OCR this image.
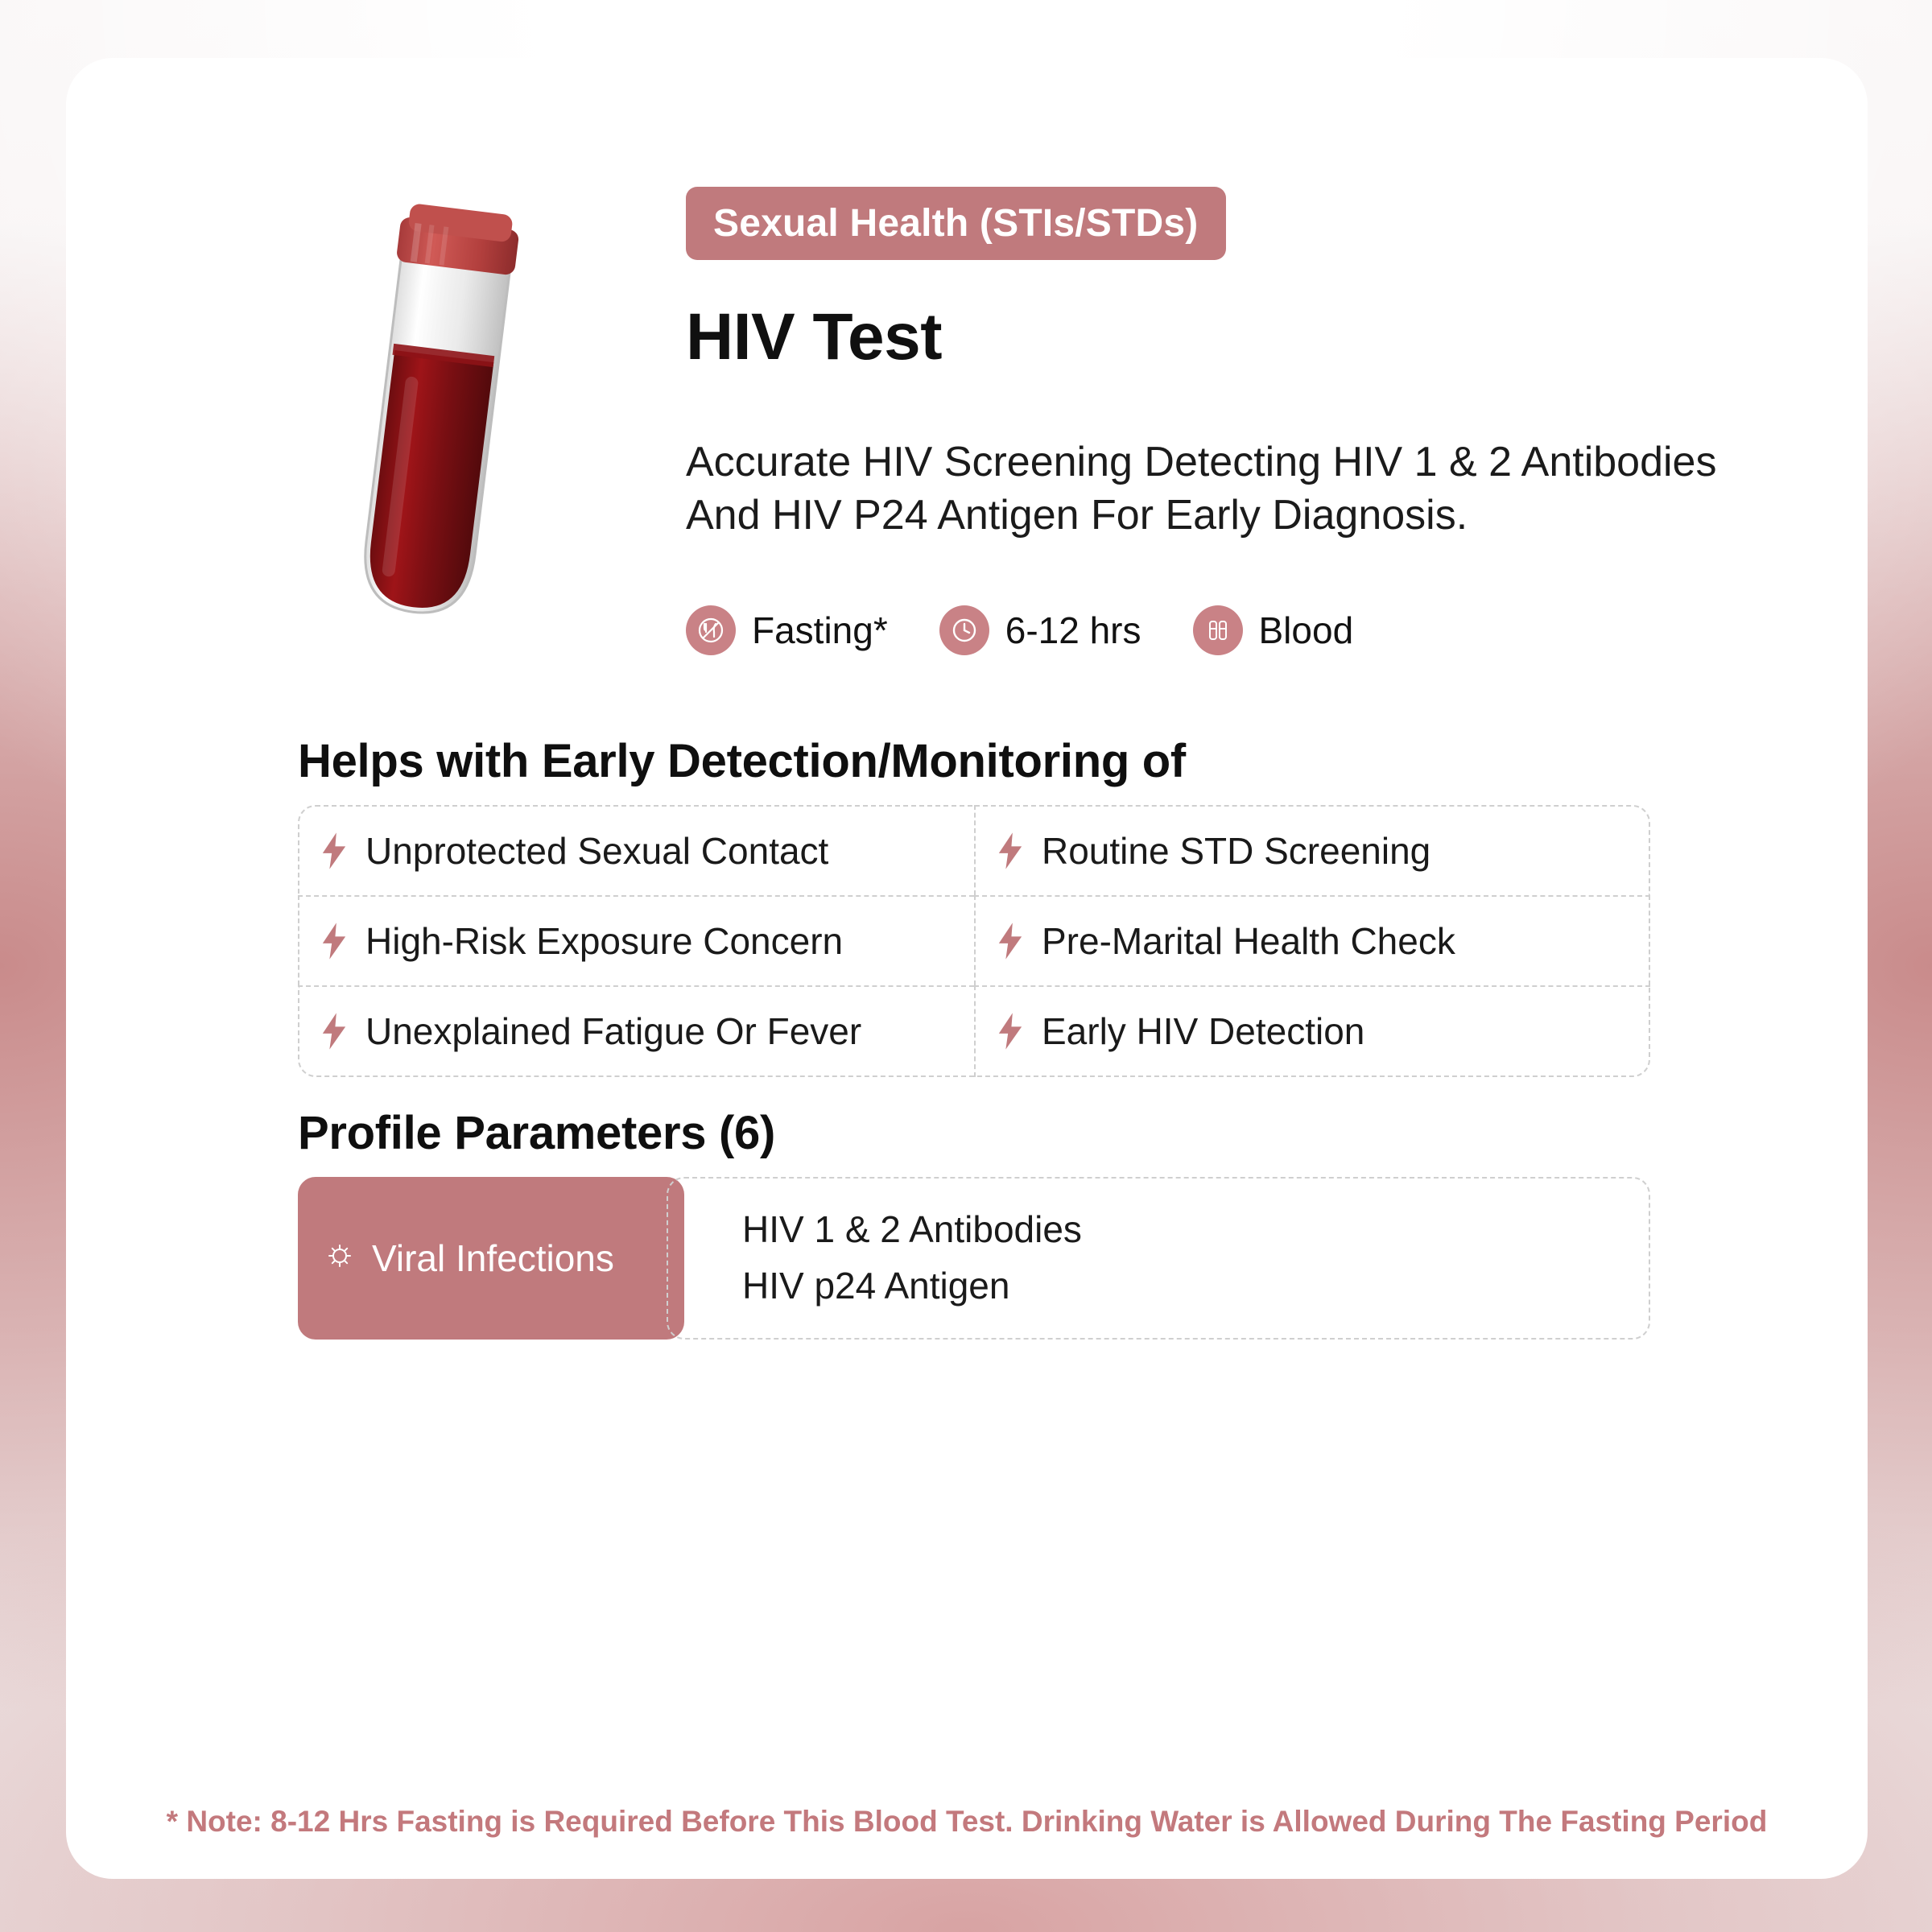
Sexual Health (STIs/STDs)
HIV Test
Accurate HIV Screening Detecting HIV 1 & 2 Antibodies And HIV P24 Antigen For Early Diagnosis.
Fasting*	6-12 hrs	Blood
Helps with Early Detection/Monitoring of
Unprotected Sexual Contact	Routine STD Screening
High-Risk Exposure Concern	Pre-Marital Health Check
Unexplained Fatigue Or Fever	Early HIV Detection
Profile Parameters (6)
Viral Infections
HIV 1 & 2 Antibodies
HIV p24 Antigen
* Note: 8-12 Hrs Fasting is Required Before This Blood Test. Drinking Water is Allowed During The Fasting Period
